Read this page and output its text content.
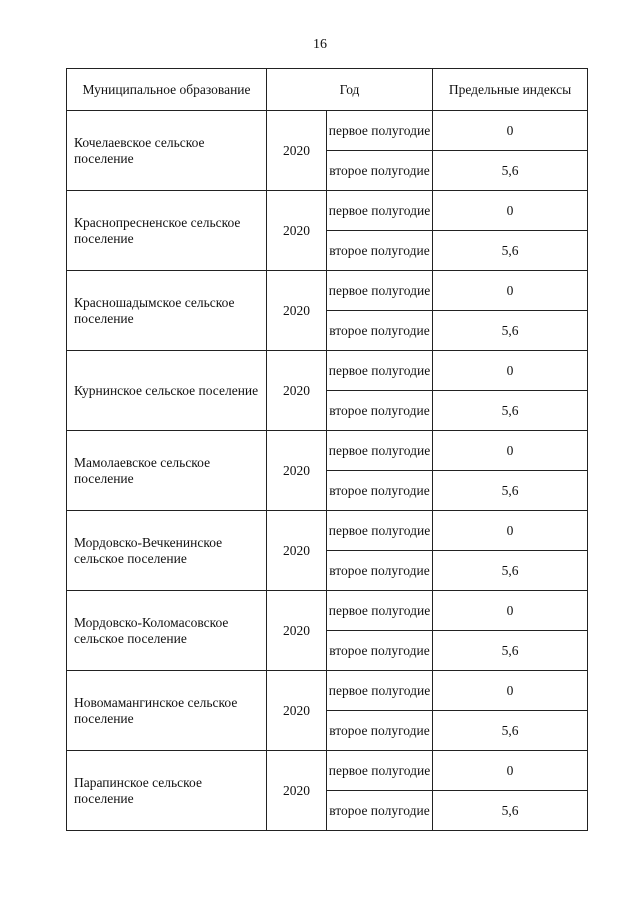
16
Муниципальное образование	Год		Предельные индексы
Кочелаевское сельское поселение	2020	первое полугодие	0
		второе полугодие	5,6
Краснопресненское сельское поселение	2020	первое полугодие	0
		второе полугодие	5,6
Красношадымское сельское поселение	2020	первое полугодие	0
		второе полугодие	5,6
Курнинское сельское поселение	2020	первое полугодие	0
		второе полугодие	5,6
Мамолаевское сельское поселение	2020	первое полугодие	0
		второе полугодие	5,6
Мордовско-Вечкенинское сельское поселение	2020	первое полугодие	0
		второе полугодие	5,6
Мордовско-Коломасовское сельское поселение	2020	первое полугодие	0
		второе полугодие	5,6
Новомамангинское сельское поселение	2020	первое полугодие	0
		второе полугодие	5,6
Парапинское сельское поселение	2020	первое полугодие	0
		второе полугодие	5,6
